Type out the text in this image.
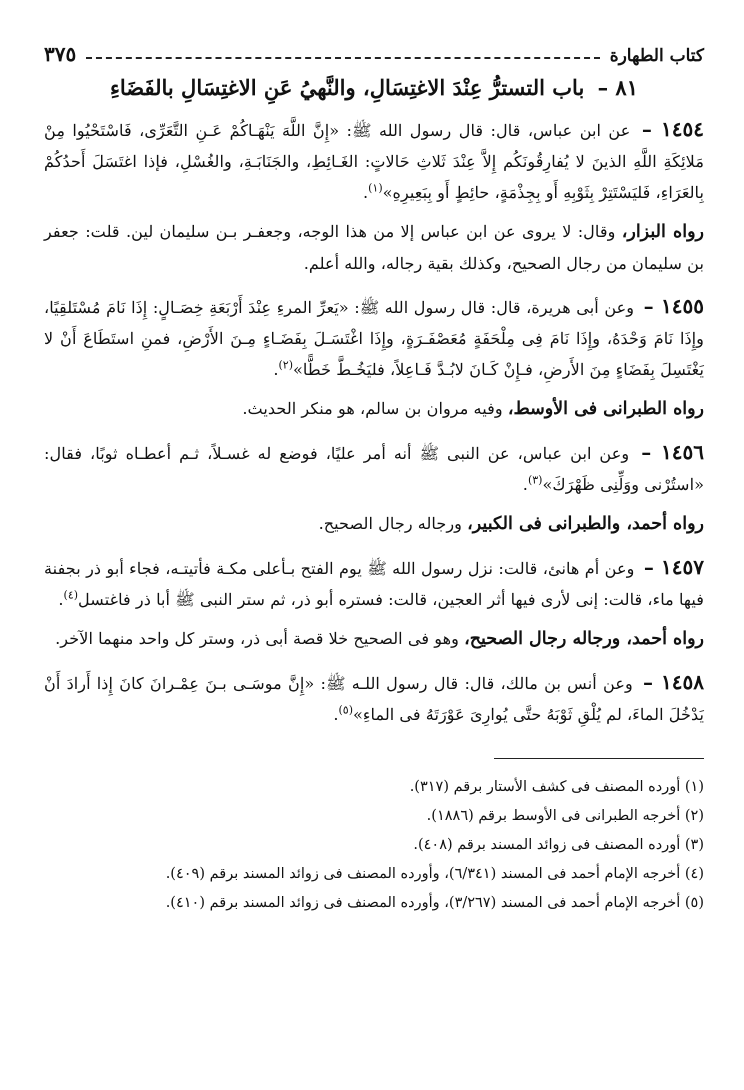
كتاب الطهارة
٣٧٥
٨١ – باب التسترُّ عِنْدَ الاغتِسَالِ، والنَّهيُ عَنِ الاغتِسَالِ بالفَضَاءِ

١٤٥٤ – عن ابن عباس، قال: قال رسول الله ﷺ: «إِنَّ اللَّهَ يَنْهَـاكُمْ عَـنِ التَّعَرِّى، فَاسْتَحْيُوا مِنْ مَلائِكَةِ اللَّهِ الذينَ لا يُفارِقُونَكُم إِلاَّ عِنْدَ ثَلاثِ حَالاتٍ: الغَـائِطِ، والجَنَابَـةِ، والغُسْلِ، فإذا اغتَسَلَ أَحدُكُمْ بِالعَرَاءِ، فَليَسْتَتِرْ بِثَوْبِهِ أَو بِجِذْمَةٍ، حائِطٍ أَو بِبَعِيرِهِ»$^{(١)}$.

رواه البزار، وقال: لا يروى عن ابن عباس إلا من هذا الوجه، وجعفـر بـن سليمان لين. قلت: جعفر بن سليمان من رجال الصحيح، وكذلك بقية رجاله، والله أعلم.

١٤٥٥ – وعن أبى هريرة، قال: قال رسول الله ﷺ: «يَعرِّ المرءِ عِنْدَ أَرْبَعَةِ خِصَـالٍ: إِذَا نَامَ مُسْتَلقِيًا، وإِذَا نَامَ وَحْدَهُ، وإِذَا نَامَ فِى مِلْحَفَةٍ مُعَصْفَـرَةٍ، وإِذَا اغْتَسَـلَ بِفَضَـاءٍ مِـنَ الأَرْضِ، فمنِ استَطَاعَ أَنْ لا يَغْتَسِلَ بِفَضَاءٍ مِنَ الأَرضِ، فـإِنْ كَـانَ لابُـدَّ فَـاعِلاً، فليَخُـطَّ خَطًّا»$^{(٢)}$.

رواه الطبرانى فى الأوسط، وفيه مروان بن سالم، هو منكر الحديث.

١٤٥٦ – وعن ابن عباس، عن النبى ﷺ أنه أمر عليًا، فوضع له غسـلاً، ثـم أعطـاه ثوبًا، فقال: «استُرْنى ووَلِّنِى ظَهْرَكَ»$^{(٣)}$.

رواه أحمد، والطبرانى فى الكبير، ورجاله رجال الصحيح.

١٤٥٧ – وعن أم هانئ، قالت: نزل رسول الله ﷺ يوم الفتح بـأعلى مكـة فأتيتـه، فجاء أبو ذر بجفنة فيها ماء، قالت: إنى لأرى فيها أثر العجين، قالت: فستره أبو ذر، ثم ستر النبى ﷺ أبا ذر فاغتسل$^{(٤)}$.

رواه أحمد، ورجاله رجال الصحيح، وهو فى الصحيح خلا قصة أبى ذر، وستر كل واحد منهما الآخر.

١٤٥٨ – وعن أنس بن مالك، قال: قال رسول اللـه ﷺ: «إِنَّ موسَـى بـنَ عِمْـرانَ كانَ إِذا أَرادَ أَنْ يَدْخُلَ الماءَ، لم يُلْقِ ثَوْبَهُ حتَّى يُوارِىَ عَوْرَتَهُ فى الماءِ»$^{(٥)}$.

(١) أورده المصنف فى كشف الأستار برقم (٣١٧).
(٢) أخرجه الطبرانى فى الأوسط برقم (١٨٨٦).
(٣) أورده المصنف فى زوائد المسند برقم (٤٠٨).
(٤) أخرجه الإمام أحمد فى المسند (٦/٣٤١)، وأورده المصنف فى زوائد المسند برقم (٤٠٩).
(٥) أخرجه الإمام أحمد فى المسند (٣/٢٦٧)، وأورده المصنف فى زوائد المسند برقم (٤١٠).
